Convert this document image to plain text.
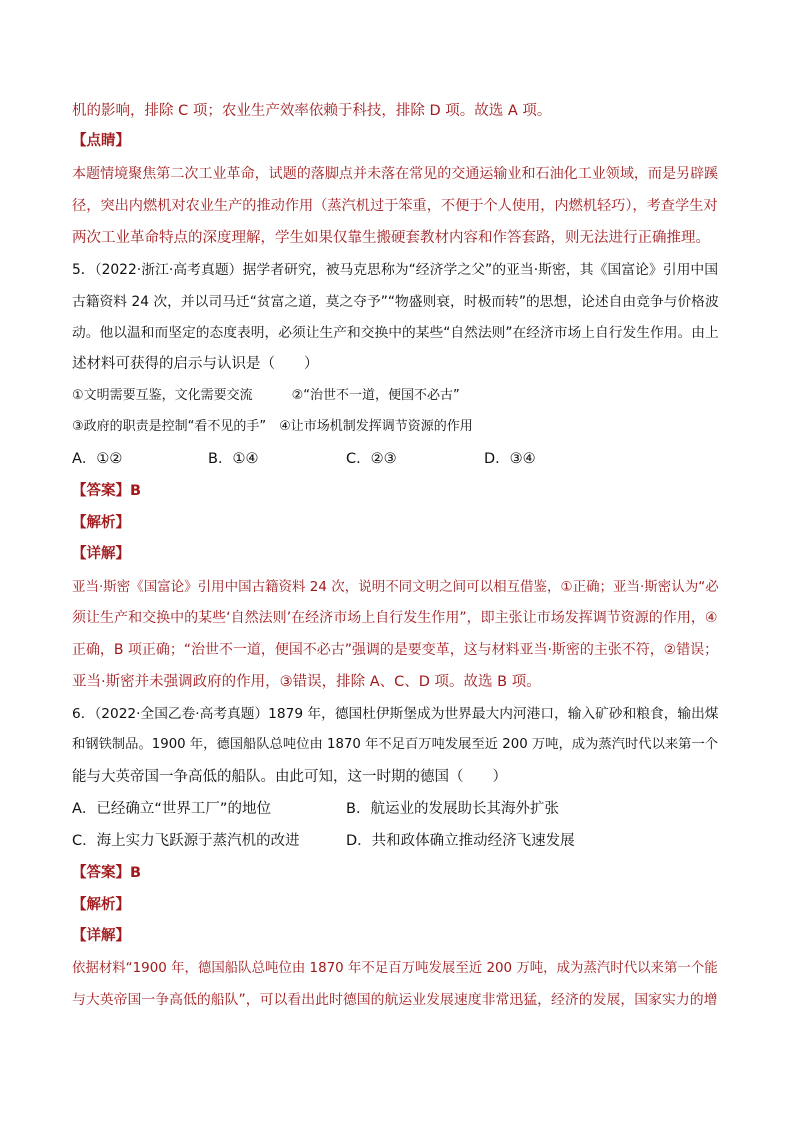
机的影响，排除 C 项；农业生产效率依赖于科技，排除 D 项。故选 A 项。
【点睛】
本题情境聚焦第二次工业革命，试题的落脚点并未落在常见的交通运输业和石油化工业领域，而是另辟蹊
径，突出内燃机对农业生产的推动作用（蒸汽机过于笨重，不便于个人使用，内燃机轻巧），考查学生对
两次工业革命特点的深度理解，学生如果仅靠生搬硬套教材内容和作答套路，则无法进行正确推理。
5．（2022·浙江·高考真题）据学者研究，被马克思称为“经济学之父”的亚当·斯密，其《国富论》引用中国
古籍资料 24 次，并以司马迁“贫富之道，莫之夺予”“物盛则衰，时极而转”的思想，论述自由竞争与价格波
动。他以温和而坚定的态度表明，必须让生产和交换中的某些“自然法则”在经济市场上自行发生作用。由上
述材料可获得的启示与认识是（　　）
①文明需要互鉴，文化需要交流　　　②“治世不一道，便国不必古”
③政府的职责是控制“看不见的手”　④让市场机制发挥调节资源的作用
A．①②	B．①④	C．②③	D．③④
【答案】B
【解析】
【详解】
亚当·斯密《国富论》引用中国古籍资料 24 次，说明不同文明之间可以相互借鉴，①正确；亚当·斯密认为“必
须让生产和交换中的某些‘自然法则’在经济市场上自行发生作用”，即主张让市场发挥调节资源的作用，④
正确，B 项正确；“治世不一道，便国不必古”强调的是要变革，这与材料亚当·斯密的主张不符，②错误；
亚当·斯密并未强调政府的作用，③错误，排除 A、C、D 项。故选 B 项。
6．（2022·全国乙卷·高考真题）1879 年，德国杜伊斯堡成为世界最大内河港口，输入矿砂和粮食，输出煤
和钢铁制品。1900 年，德国船队总吨位由 1870 年不足百万吨发展至近 200 万吨，成为蒸汽时代以来第一个
能与大英帝国一争高低的船队。由此可知，这一时期的德国（　　）
A．已经确立“世界工厂”的地位	B．航运业的发展助长其海外扩张
C．海上实力飞跃源于蒸汽机的改进	D．共和政体确立推动经济飞速发展
【答案】B
【解析】
【详解】
依据材料“1900 年，德国船队总吨位由 1870 年不足百万吨发展至近 200 万吨，成为蒸汽时代以来第一个能
与大英帝国一争高低的船队”，可以看出此时德国的航运业发展速度非常迅猛，经济的发展，国家实力的增
